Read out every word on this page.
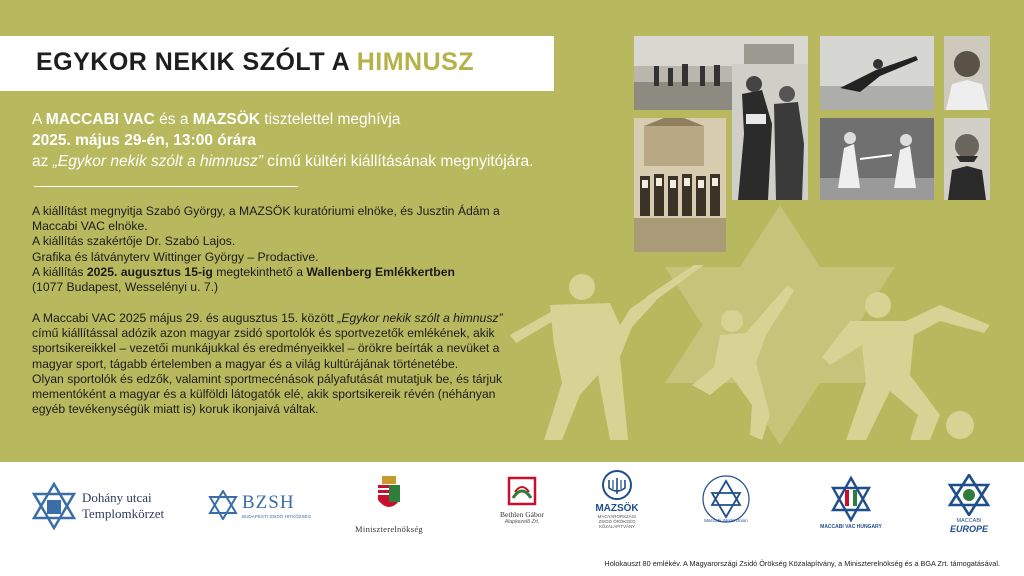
EGYKOR NEKIK SZÓLT A HIMNUSZ
A MACCABI VAC és a MAZSÖK tisztelettel meghívja
2025. május 29-én, 13:00 órára
az „Egykor nekik szólt a himnusz” című kültéri kiállításának megnyitójára.
A kiállítást megnyitja Szabó György, a MAZSÖK kuratóriumi elnöke, és Jusztin Ádám a
Maccabi VAC elnöke.
A kiállítás szakértője Dr. Szabó Lajos.
Grafika és látványterv Wittinger György – Prodactive.
A kiállítás 2025. augusztus 15-ig megtekinthető a Wallenberg Emlékkertben
(1077 Budapest, Wesselényi u. 7.)
A Maccabi VAC 2025 május 29. és augusztus 15. között „Egykor nekik szólt a himnusz”
című kiállítással adózik azon magyar zsidó sportolók és sportvezetők emlékének, akik
sportsikereikkel – vezetői munkájukkal és eredményeikkel – örökre beírták a nevüket a
magyar sport, tágabb értelemben a magyar és a világ kultúrájának történetébe.
Olyan sportolók és edzők, valamint sportmecénások pályafutását mutatjuk be, és tárjuk
mementóként a magyar és a külföldi látogatók elé, akik sportsikereik révén (néhányan
egyéb tevékenységük miatt is) koruk ikonjaivá váltak.
Dohány utcai
Templomkörzet
BZSH
BUDAPESTI ZSIDÓ HITKÖZSÉG
Miniszterelnökség
Bethlen Gábor
Alapkezelő Zrt.
MAZSÖK
MAGYARORSZÁGI
ZSIDÓ ÖRÖKSÉG
KÖZALAPÍTVÁNY
Maccabi World Union
MACCABI VAC HUNGARY
MACCABI
EUROPE
Holokauszt 80 emlékév. A Magyarországi Zsidó Örökség Közalapítvány, a Miniszterelnökség és a BGA Zrt. támogatásával.
